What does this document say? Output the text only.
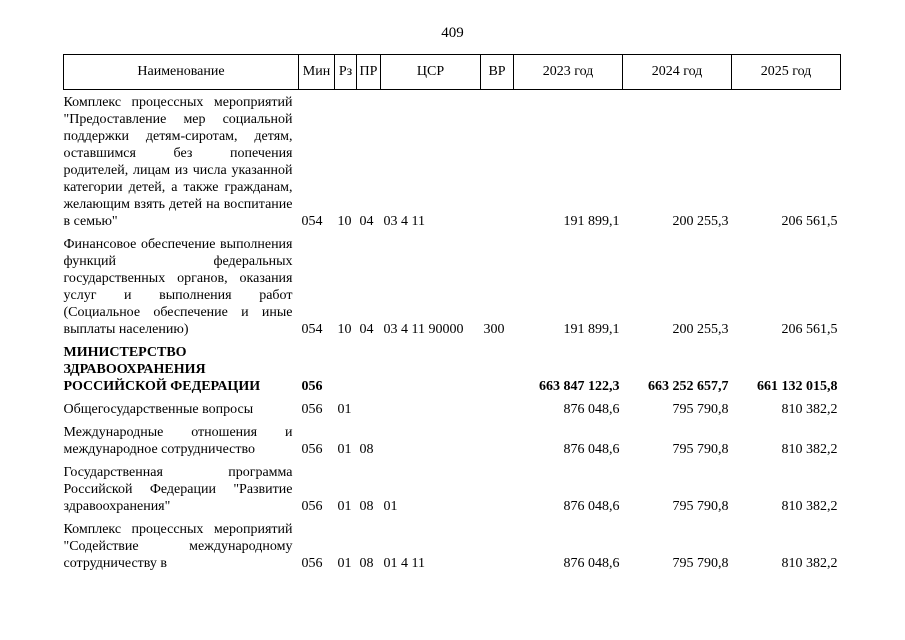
409
Наименование	Мин	Рз	ПР	ЦСР	ВР	2023 год	2024 год	2025 год
Комплекс процессных мероприятий "Предоставление мер социальной поддержки детям-сиротам, детям, оставшимся без попечения родителей, лицам из числа указанной категории детей, а также гражданам, желающим взять детей на воспитание в семью"	054	10	04	03 4 11		191 899,1	200 255,3	206 561,5
Финансовое обеспечение выполнения функций федеральных государственных органов, оказания услуг и выполнения работ (Социальное обеспечение и иные выплаты населению)	054	10	04	03 4 11 90000	300	191 899,1	200 255,3	206 561,5
МИНИСТЕРСТВО ЗДРАВООХРАНЕНИЯ РОССИЙСКОЙ ФЕДЕРАЦИИ	056					663 847 122,3	663 252 657,7	661 132 015,8
Общегосударственные вопросы	056	01				876 048,6	795 790,8	810 382,2
Международные отношения и международное сотрудничество	056	01	08			876 048,6	795 790,8	810 382,2
Государственная программа Российской Федерации "Развитие здравоохранения"	056	01	08	01		876 048,6	795 790,8	810 382,2
Комплекс процессных мероприятий "Содействие международному сотрудничеству в	056	01	08	01 4 11		876 048,6	795 790,8	810 382,2
